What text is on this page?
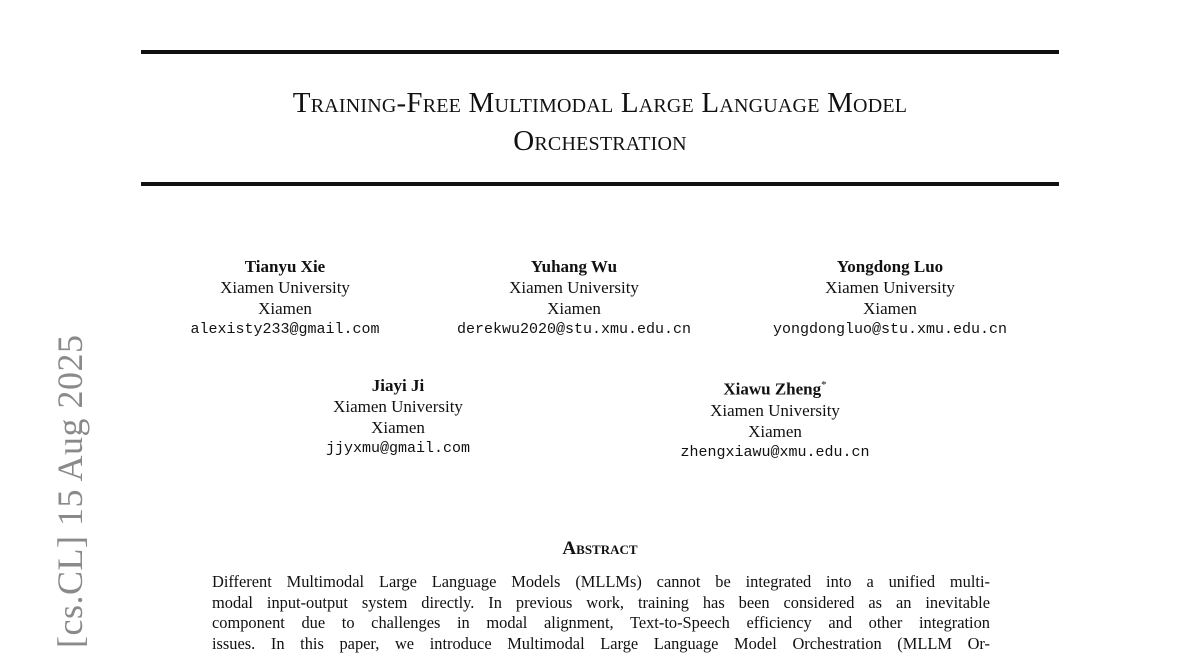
Training-Free Multimodal Large Language Model
Orchestration
Tianyu Xie
Xiamen University
Xiamen
alexisty233@gmail.com
Yuhang Wu
Xiamen University
Xiamen
derekwu2020@stu.xmu.edu.cn
Yongdong Luo
Xiamen University
Xiamen
yongdongluo@stu.xmu.edu.cn
Jiayi Ji
Xiamen University
Xiamen
jjyxmu@gmail.com
Xiawu Zheng*
Xiamen University
Xiamen
zhengxiawu@xmu.edu.cn
Abstract
Different Multimodal Large Language Models (MLLMs) cannot be integrated into a unified multi-
modal input-output system directly. In previous work, training has been considered as an inevitable
component due to challenges in modal alignment, Text-to-Speech efficiency and other integration
issues. In this paper, we introduce Multimodal Large Language Model Orchestration (MLLM Or-
[cs.CL] 15 Aug 2025
